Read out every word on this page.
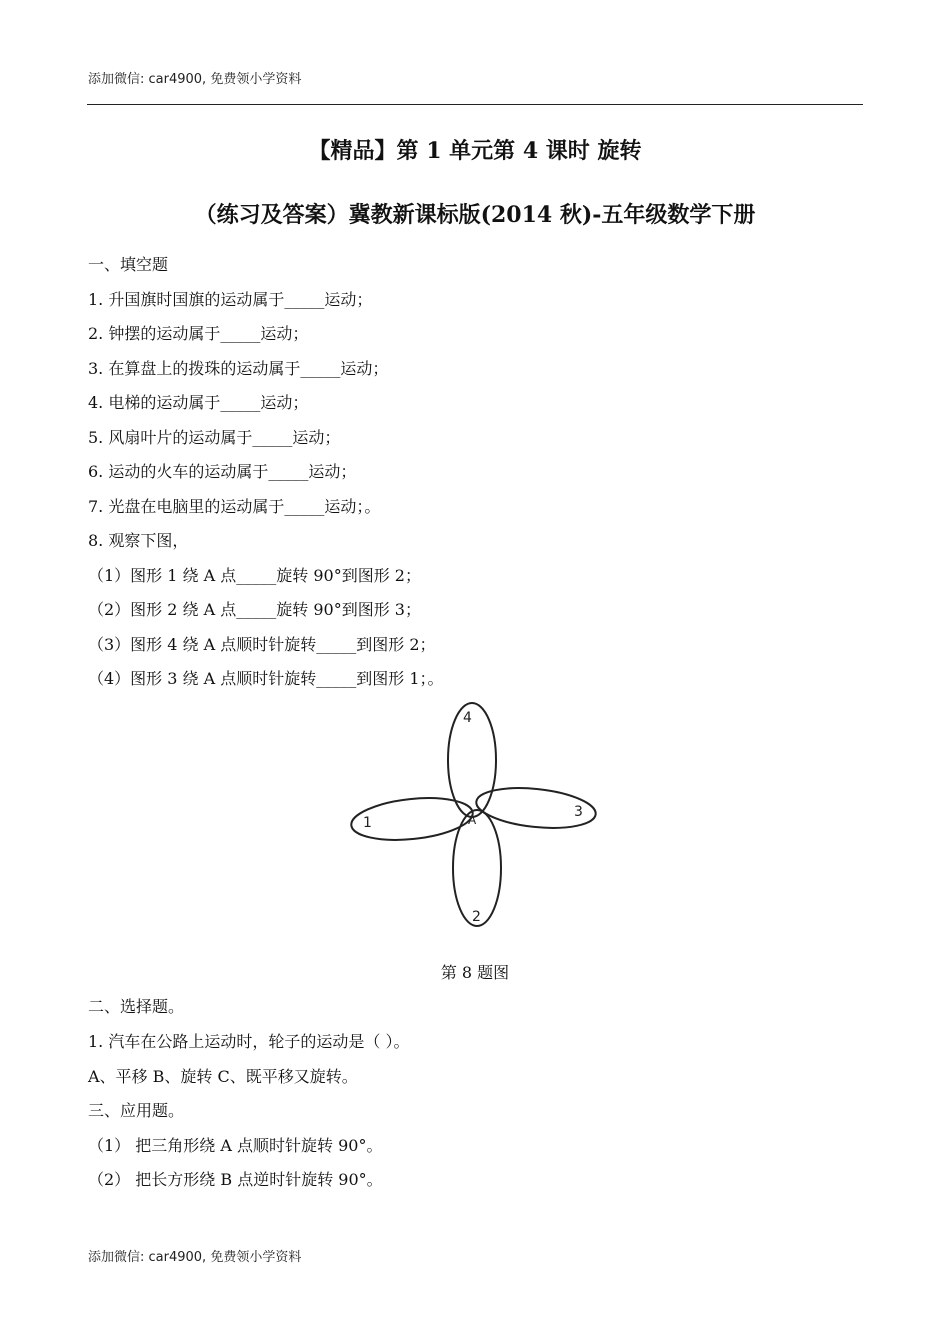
添加微信: car4900, 免费领小学资料
【精品】第 1 单元第 4 课时 旋转
（练习及答案）冀教新课标版(2014 秋)-五年级数学下册
一、填空题
1. 升国旗时国旗的运动属于_____运动；
2. 钟摆的运动属于_____运动；
3. 在算盘上的拨珠的运动属于_____运动；
4. 电梯的运动属于_____运动；
5. 风扇叶片的运动属于_____运动；
6. 运动的火车的运动属于_____运动；
7. 光盘在电脑里的运动属于_____运动；。
8. 观察下图，
（1）图形 1 绕 A 点_____旋转 90°到图形 2；
（2）图形 2 绕 A 点_____旋转 90°到图形 3；
（3）图形 4 绕 A 点顺时针旋转_____到图形 2；
（4）图形 3 绕 A 点顺时针旋转_____到图形 1；。
4
1
3
2
A
第 8 题图
二、选择题。
1. 汽车在公路上运动时，轮子的运动是（ ）。
A、平移 B、旋转 C、既平移又旋转。
三、应用题。
（1） 把三角形绕 A 点顺时针旋转 90°。
（2） 把长方形绕 B 点逆时针旋转 90°。
添加微信: car4900, 免费领小学资料
